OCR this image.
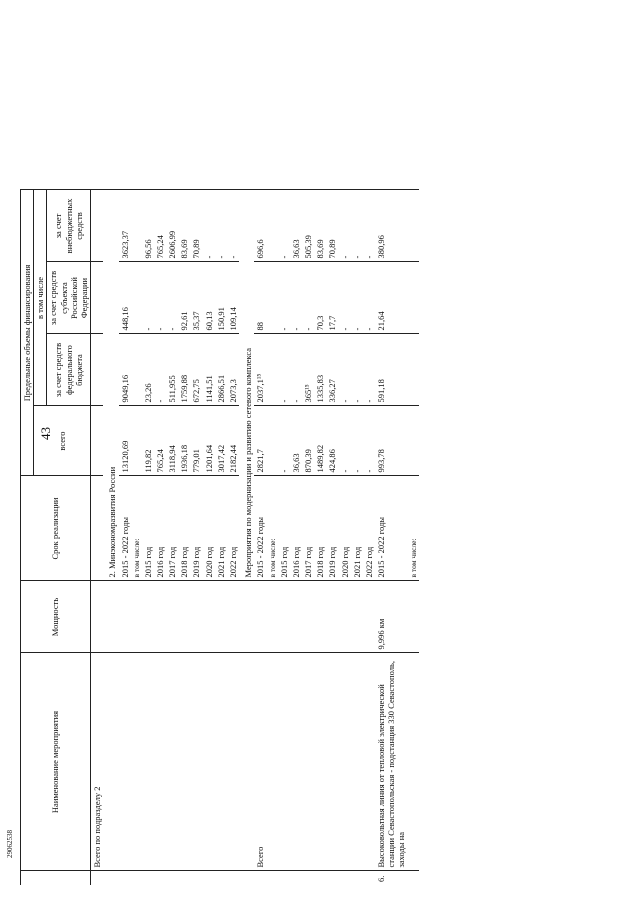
43
	Наименование мероприятия	Мощность	Срок реализации	Предельные объемы финансирования				
				всего	в том числе			
					за счет средств федерального бюджета	за счет средств субъекта Российской Федерации	за счет внебюджетных средств	
	Всего по подразделу 2							
			2. Минэкономразвития России					
			2015 - 2022 годы	13120,69	9049,16	448,16	3623,37	
			в том числе:					
			2015 год	119,82	23,26	-	96,56	
			2016 год	765,24	-	-	765,24	
			2017 год	3118,94	511,955	-	2606,99	
			2018 год	1936,18	1759,88	92,61	83,69	
			2019 год	779,01	672,75	35,37	70,89	
			2020 год	1201,64	1141,51	60,13	-	
			2021 год	3017,42	2866,51	150,91	-	
			2022 год	2182,44	2073,3	109,14	-	
			Мероприятия по модернизации и развитию сетевого комплекса					
	Всего		2015 - 2022 годы	2821,7	2037,1¹⁵	88	696,6	
			в том числе:					
			2015 год	-	-	-	-	
			2016 год	36,63	-	-	36,63	
			2017 год	870,39	365¹⁵	-	505,39	
			2018 год	1489,82	1335,83	70,3	83,69	
			2019 год	424,86	336,27	17,7	70,89	
			2020 год	-	-	-	-	
			2021 год	-	-	-	-	
			2022 год	-	-	-	-	
6.	Высоковольтная линия от тепловой электрической станции Севастопольская - подстанция 330 Севастополь, заходы на	9,996 км	2015 - 2022 годы	993,78	591,18	21,64	380,96	
			в том числе:					
29062538
